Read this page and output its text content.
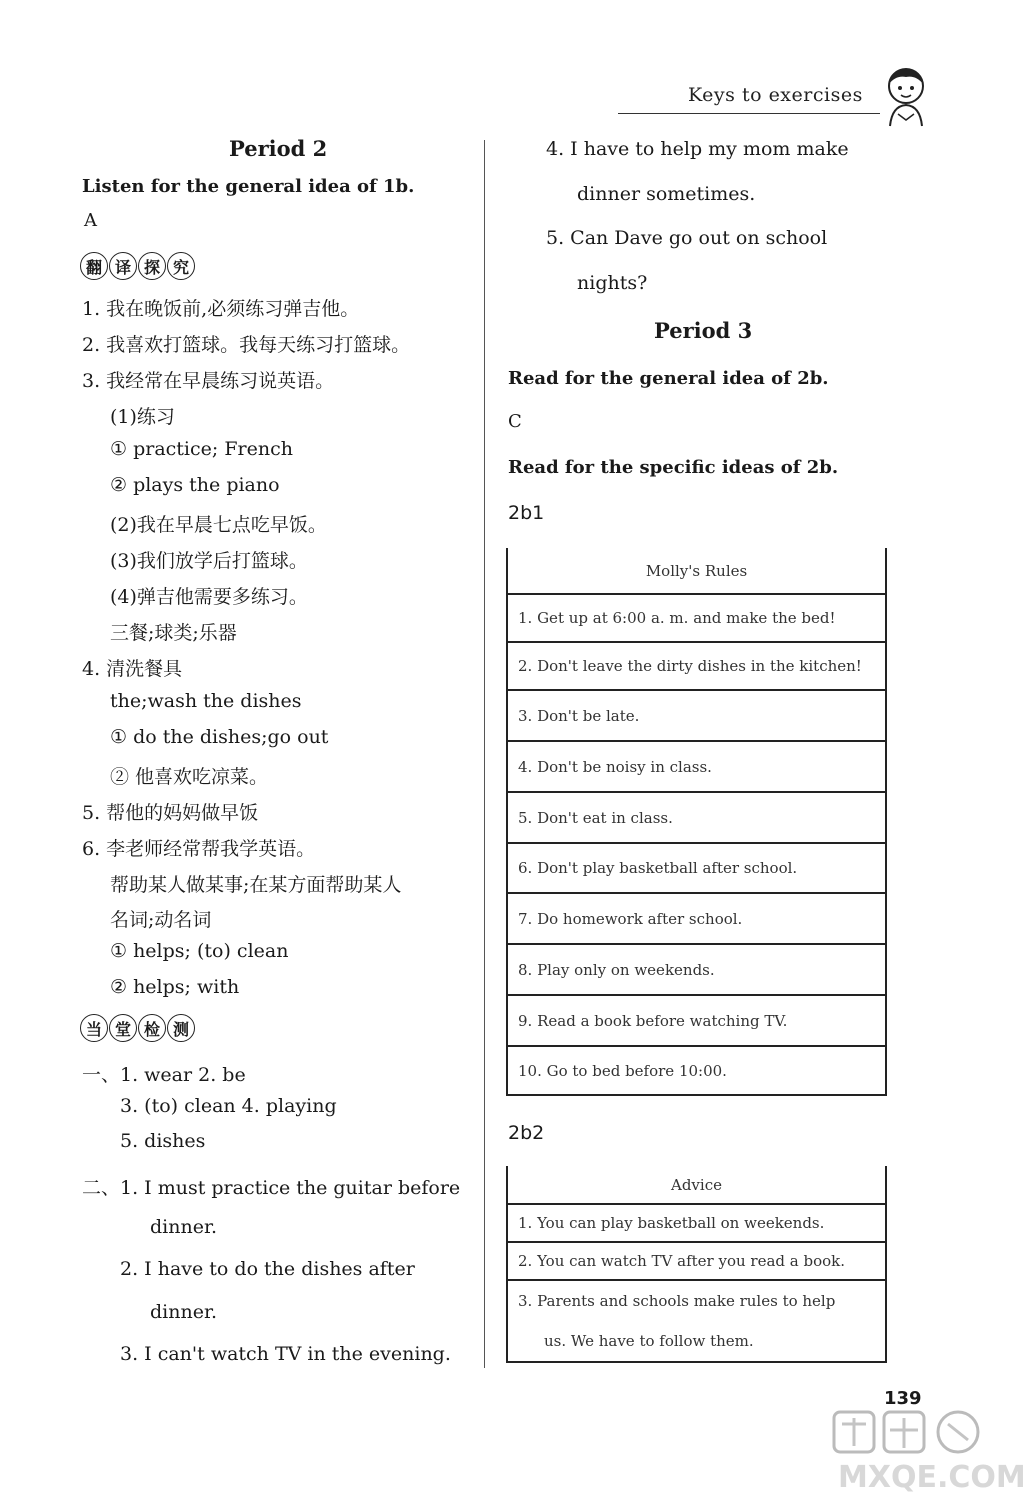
Keys to exercises
Period 2
Listen for the general idea of 1b.
A
翻 译 探 究
1. 我在晚饭前,必须练习弹吉他。
2. 我喜欢打篮球。我每天练习打篮球。
3. 我经常在早晨练习说英语。
(1)练习
① practice; French
② plays the piano
(2)我在早晨七点吃早饭。
(3)我们放学后打篮球。
(4)弹吉他需要多练习。
三餐;球类;乐器
4. 清洗餐具
the;wash the dishes
① do the dishes;go out
② 他喜欢吃凉菜。
5. 帮他的妈妈做早饭
6. 李老师经常帮我学英语。
帮助某人做某事;在某方面帮助某人
名词;动名词
① helps; (to) clean
② helps; with
当 堂 检 测
一、1. wear 2. be
3. (to) clean 4. playing
5. dishes
二、1. I must practice the guitar before
dinner.
2. I have to do the dishes after
dinner.
3. I can't watch TV in the evening.
4. I have to help my mom make
dinner sometimes.
5. Can Dave go out on school
nights?
Period 3
Read for the general idea of 2b.
C
Read for the specific ideas of 2b.
2b1
Molly's Rules
1. Get up at 6:00 a. m. and make the bed!
2. Don't leave the dirty dishes in the kitchen!
3. Don't be late.
4. Don't be noisy in class.
5. Don't eat in class.
6. Don't play basketball after school.
7. Do homework after school.
8. Play only on weekends.
9. Read a book before watching TV.
10. Go to bed before 10:00.
2b2
Advice
1. You can play basketball on weekends.
2. You can watch TV after you read a book.

3. Parents and schools make rules to help
us. We have to follow them.
139
MXQE.COM
